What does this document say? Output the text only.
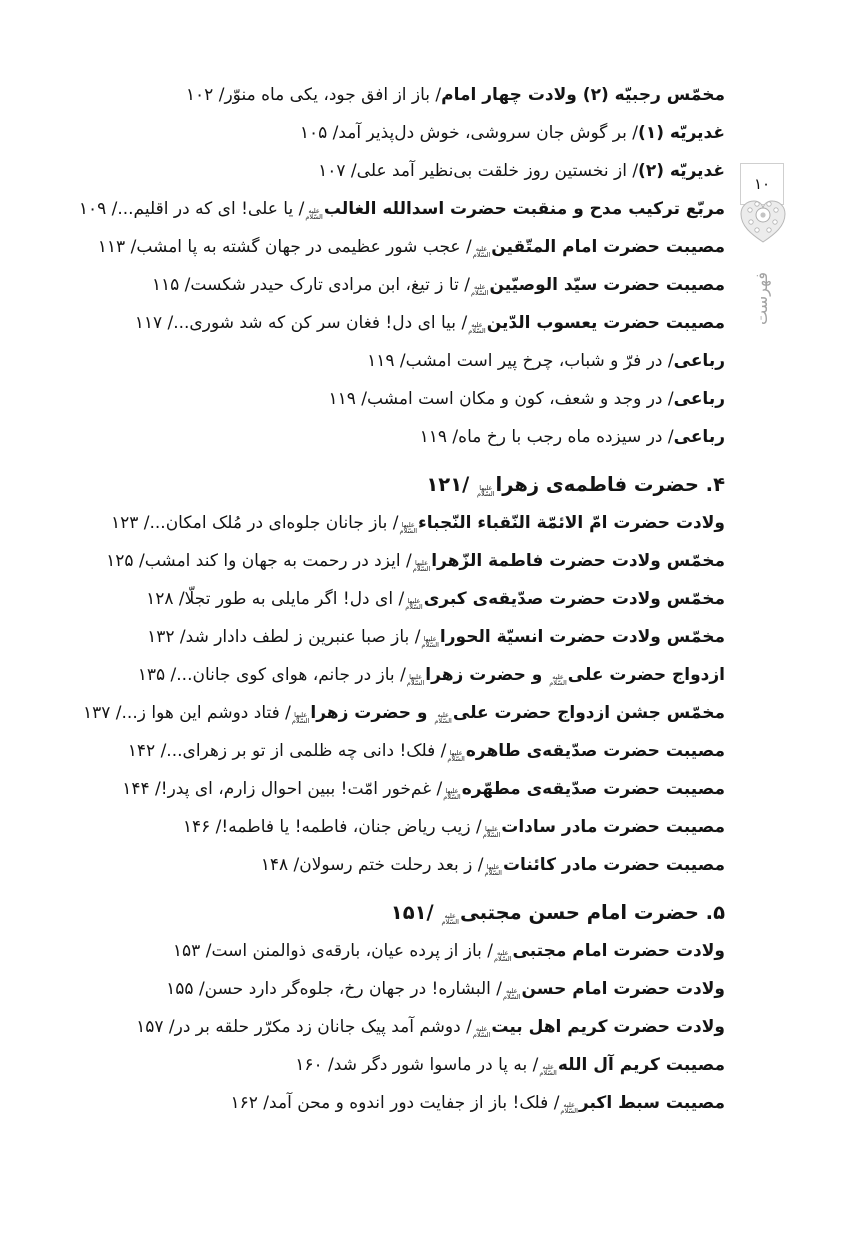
۱۰
فهرست
مخمّس رجبیّه (۲) ولادت چهار امام/ باز از افق جود، یکی ماه منوّر/ ۱۰۲
غدیریّه (۱)/ بر گوش جان سروشی، خوش دل‌پذیر آمد/ ۱۰۵
غدیریّه (۲)/ از نخستین روز خلقت بی‌نظیر آمد علی/ ۱۰۷
مربّع ترکیب مدح و منقبت حضرت اسدالله الغالب
علیه
السّلام
/ یا علی! ای که در اقلیم.../ ۱۰۹
مصیبت حضرت امام المتّقین
علیه
السّلام
/ عجب شور عظیمی در جهان گشته به پا امشب/ ۱۱۳
مصیبت حضرت سیّد الوصیّین
علیه
السّلام
/ تا ز تیغ، ابن مرادی تارک حیدر شکست/ ۱۱۵
مصیبت حضرت یعسوب الدّین
علیه
السّلام
/ بیا ای دل! فغان سر کن که شد شوری.../ ۱۱۷
رباعی/ در فرّ و شباب، چرخ پیر است امشب/ ۱۱۹
رباعی/ در وجد و شعف، کون و مکان است امشب/ ۱۱۹
رباعی/ در سیزده ماه رجب با رخ ماه/ ۱۱۹
۴. حضرت فاطمه‌ی زهرا
علیها
السّلام
/۱۲۱
ولادت حضرت امّ الائمّة النّقباء النّجباء
علیها
السّلام
/ باز جانان جلوه‌ای در مُلک امکان.../ ۱۲۳
مخمّس ولادت حضرت فاطمة الزّهرا
علیها
السّلام
/ ایزد در رحمت به جهان وا کند امشب/ ۱۲۵
مخمّس ولادت حضرت صدّیقه‌ی کبری
علیها
السّلام
/ ای دل! اگر مایلی به طور تجلّا/ ۱۲۸
مخمّس ولادت حضرت انسیّة الحورا
علیها
السّلام
/ باز صبا عنبرین ز لطف دادار شد/ ۱۳۲
ازدواج حضرت علی
علیه
السّلام
و حضرت زهرا
علیها
السّلام
/ باز در جانم، هوای کوی جانان.../ ۱۳۵
مخمّس جشن ازدواج حضرت علی
علیه
السّلام
و حضرت زهرا
علیها
السّلام
/ فتاد دوشم این هوا ز.../ ۱۳۷
مصیبت حضرت صدّیقه‌ی طاهره
علیها
السّلام
/ فلک! دانی چه ظلمی از تو بر زهرای.../ ۱۴۲
مصیبت حضرت صدّیقه‌ی مطهّره
علیها
السّلام
/ غم‌خور امّت! ببین احوال زارم، ای پدر!/ ۱۴۴
مصیبت حضرت مادر سادات
علیها
السّلام
/ زیب ریاض جنان، فاطمه! یا فاطمه!/ ۱۴۶
مصیبت حضرت مادر کائنات
علیها
السّلام
/ ز بعد رحلت ختم رسولان/ ۱۴۸
۵. حضرت امام حسن مجتبی
علیه
السّلام
/۱۵۱
ولادت حضرت امام مجتبی
علیه
السّلام
/ باز از پرده عیان، بارقه‌ی ذوالمنن است/ ۱۵۳
ولادت حضرت امام حسن
علیه
السّلام
/ البشاره! در جهان رخ، جلوه‌گر دارد حسن/ ۱۵۵
ولادت حضرت کریم اهل بیت
علیه
السّلام
/ دوشم آمد پیک جانان زد مکرّر حلقه بر در/ ۱۵۷
مصیبت کریم آل الله
علیه
السّلام
/ به پا در ماسوا شور دگر شد/ ۱۶۰
مصیبت سبط اکبر
علیه
السّلام
/ فلک! باز از جفایت دور اندوه و محن آمد/ ۱۶۲
